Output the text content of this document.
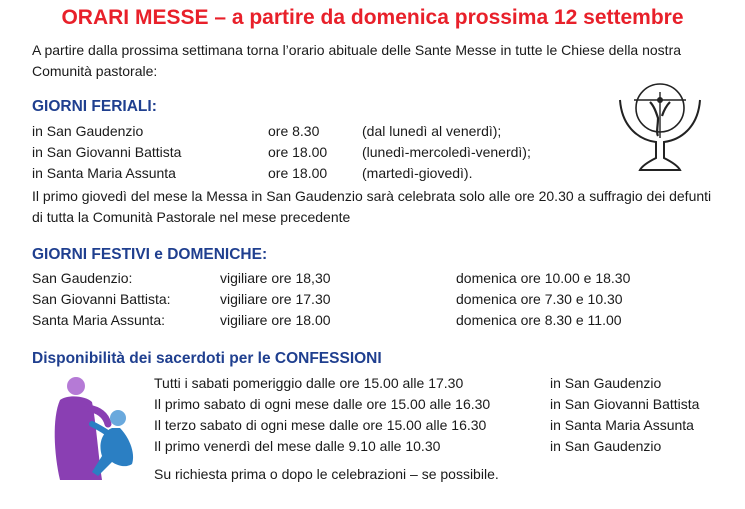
ORARI MESSE – a partire da domenica prossima 12 settembre
A partire dalla prossima settimana torna l’orario abituale delle Sante Messe in tutte le Chiese della nostra
Comunità pastorale:
GIORNI FERIALI:
in San Gaudenzio	ore 8.30	(dal lunedì al venerdì);
in San Giovanni Battista	ore 18.00 (lunedì-mercoledì-venerdì);
in Santa Maria Assunta	ore 18.00 (martedì-giovedì).
Il primo giovedì del mese la Messa in San Gaudenzio sarà celebrata solo alle ore 20.30 a suffragio dei defunti
di tutta la Comunità Pastorale nel mese precedente
GIORNI FESTIVI e DOMENICHE:
San Gaudenzio:	vigiliare ore 18,30	domenica ore 10.00 e 18.30
San Giovanni Battista:	vigiliare ore 17.30	domenica ore 7.30 e 10.30
Santa Maria Assunta:	vigiliare ore 18.00	domenica ore 8.30 e 11.00
Disponibilità dei sacerdoti per le CONFESSIONI
Tutti i sabati pomeriggio dalle ore 15.00 alle 17.30	in San Gaudenzio
Il primo sabato di ogni mese dalle ore 15.00 alle 16.30	in San Giovanni Battista
Il terzo sabato di ogni mese dalle ore 15.00 alle 16.30	in Santa Maria Assunta
Il primo venerdì del mese dalle 9.10 alle 10.30	in San Gaudenzio
Su richiesta prima o dopo le celebrazioni – se possibile.
